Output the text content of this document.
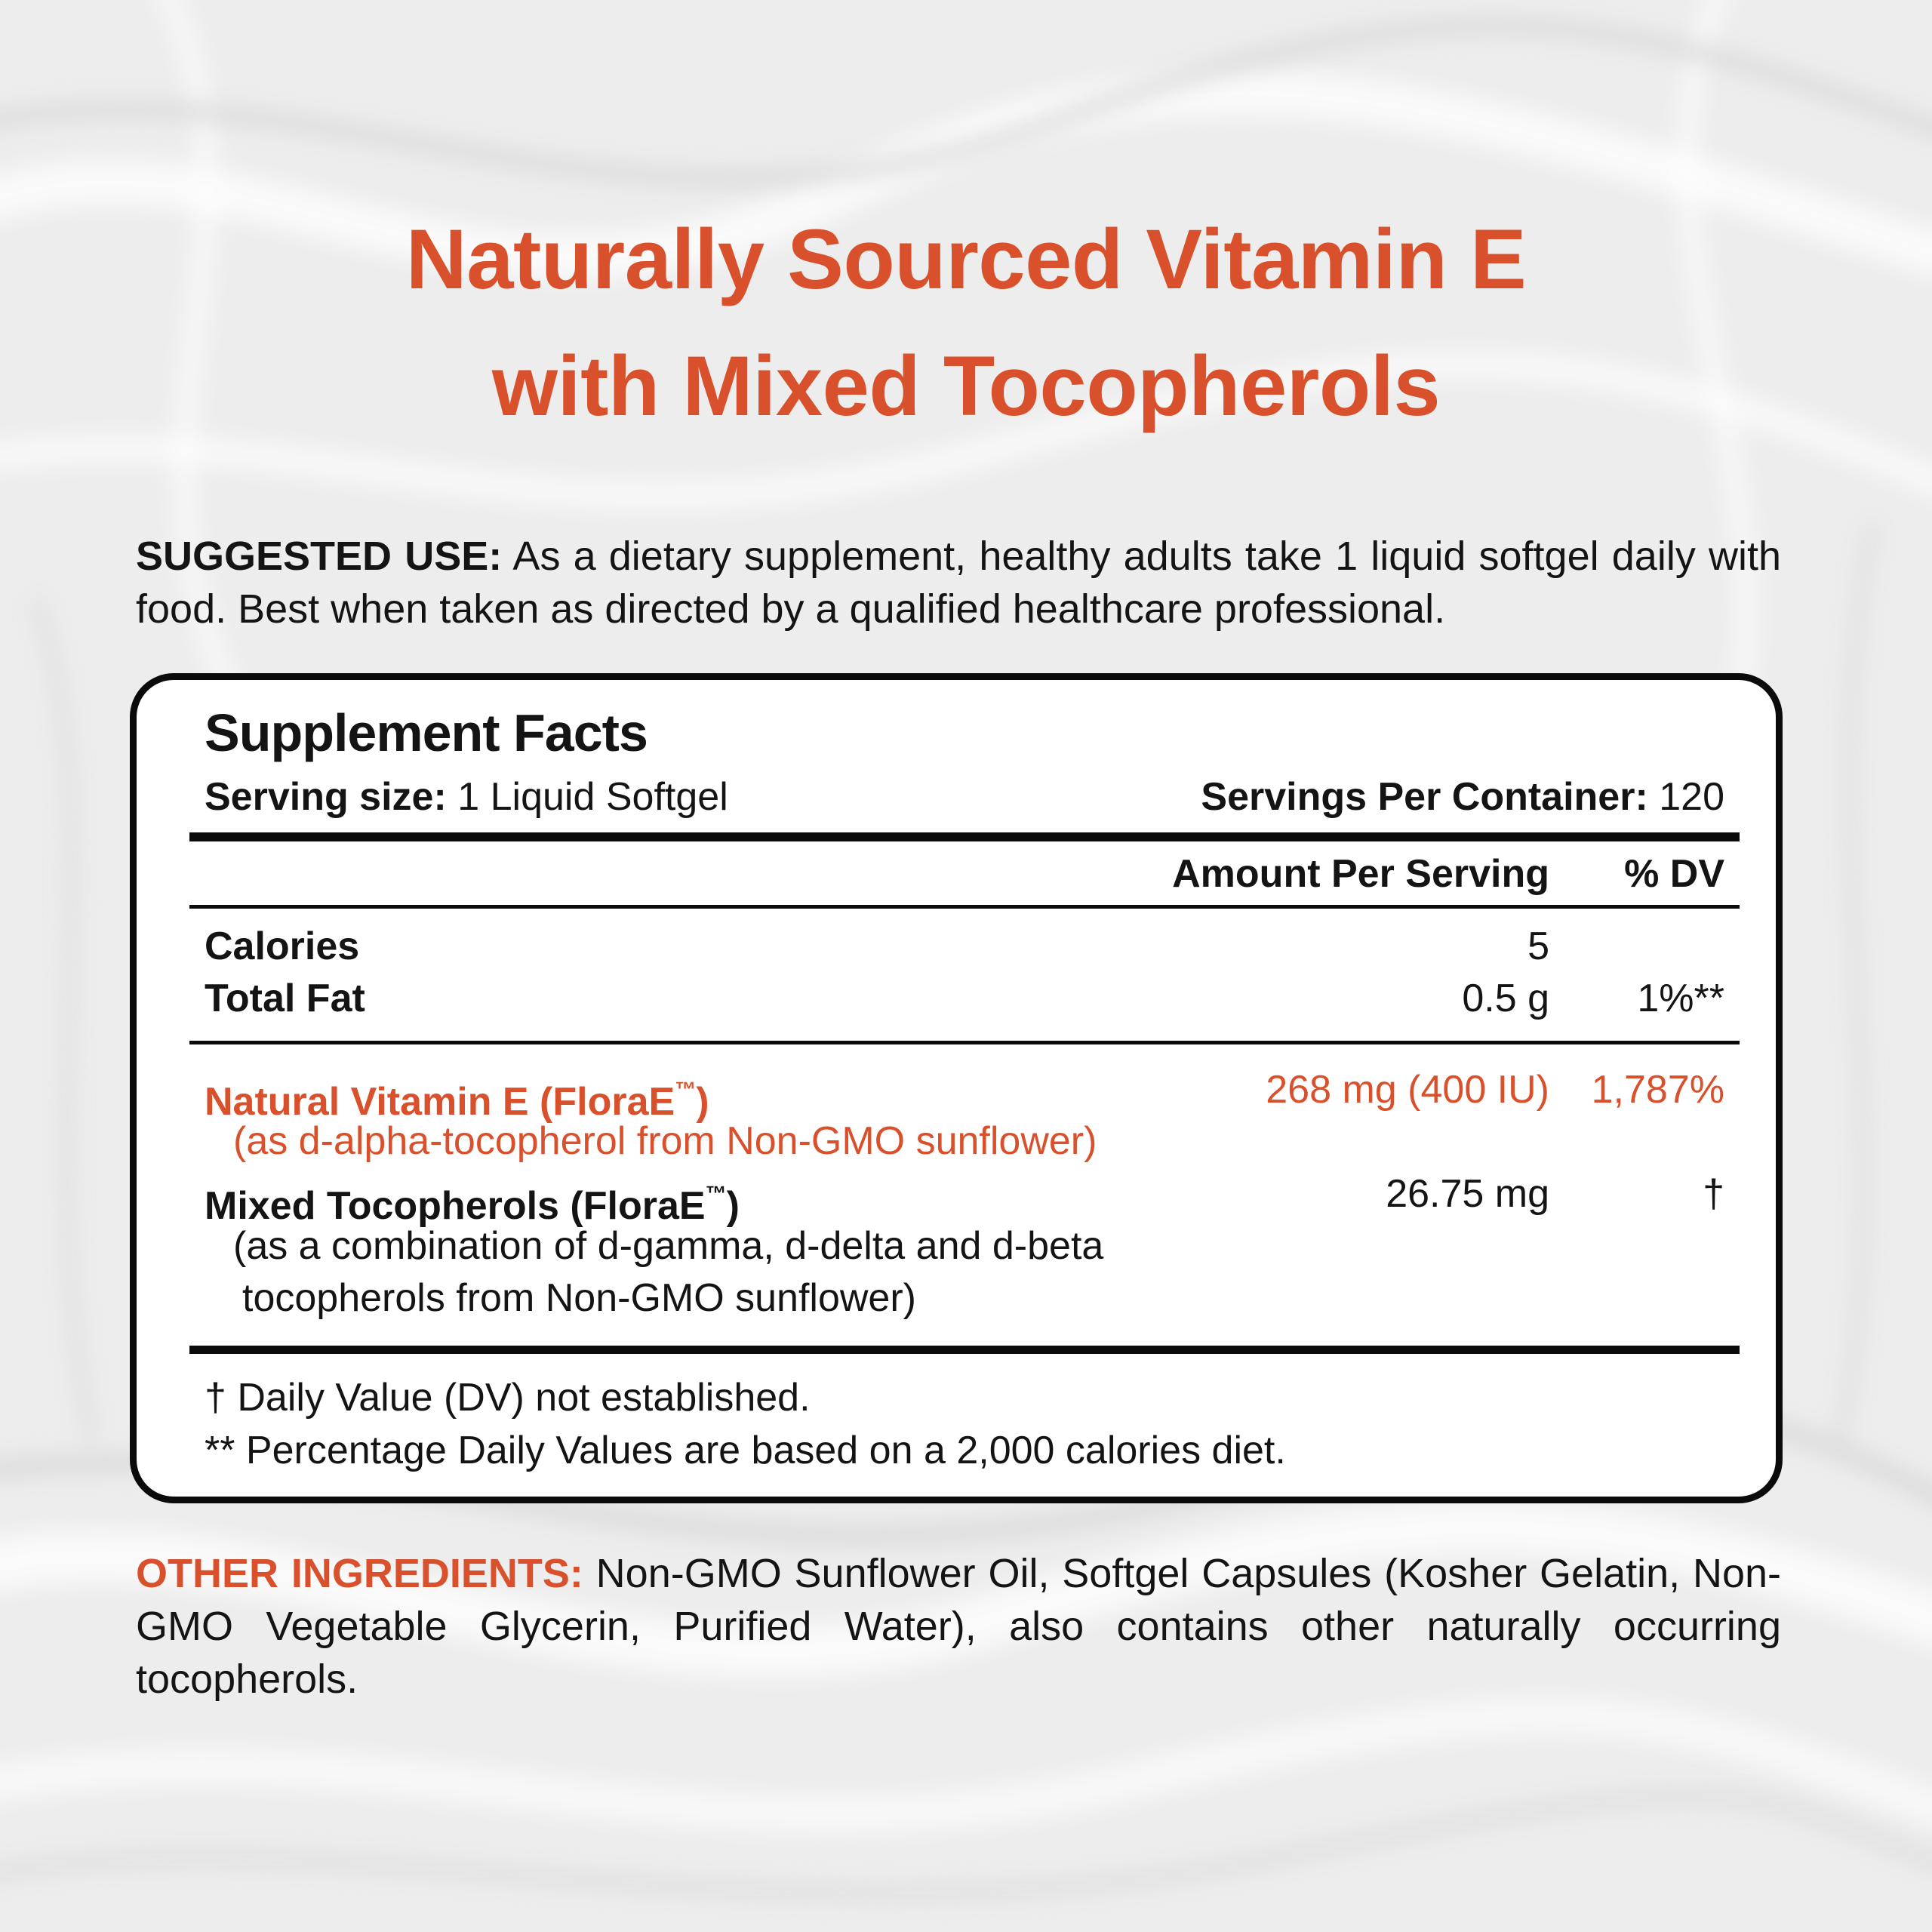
Naturally Sourced Vitamin E
with Mixed Tocopherols
SUGGESTED USE: As a dietary supplement, healthy adults take 1 liquid softgel daily with food. Best when taken as directed by a qualified healthcare professional.
Supplement Facts
Serving size: 1 Liquid Softgel	Servings Per Container: 120
Amount Per Serving % DV
Calories	5
Total Fat	0.5 g 1%**
Natural Vitamin E (FloraE™)	268 mg (400 IU) 1,787%
(as d-alpha-tocopherol from Non-GMO sunflower)
Mixed Tocopherols (FloraE™)	26.75 mg	†
(as a combination of d-gamma, d-delta and d-beta
tocopherols from Non-GMO sunflower)
† Daily Value (DV) not established.
** Percentage Daily Values are based on a 2,000 calories diet.
OTHER INGREDIENTS: Non-GMO Sunflower Oil, Softgel Capsules (Kosher Gelatin, Non-GMO Vegetable Glycerin, Purified Water), also contains other naturally occurring tocopherols.
